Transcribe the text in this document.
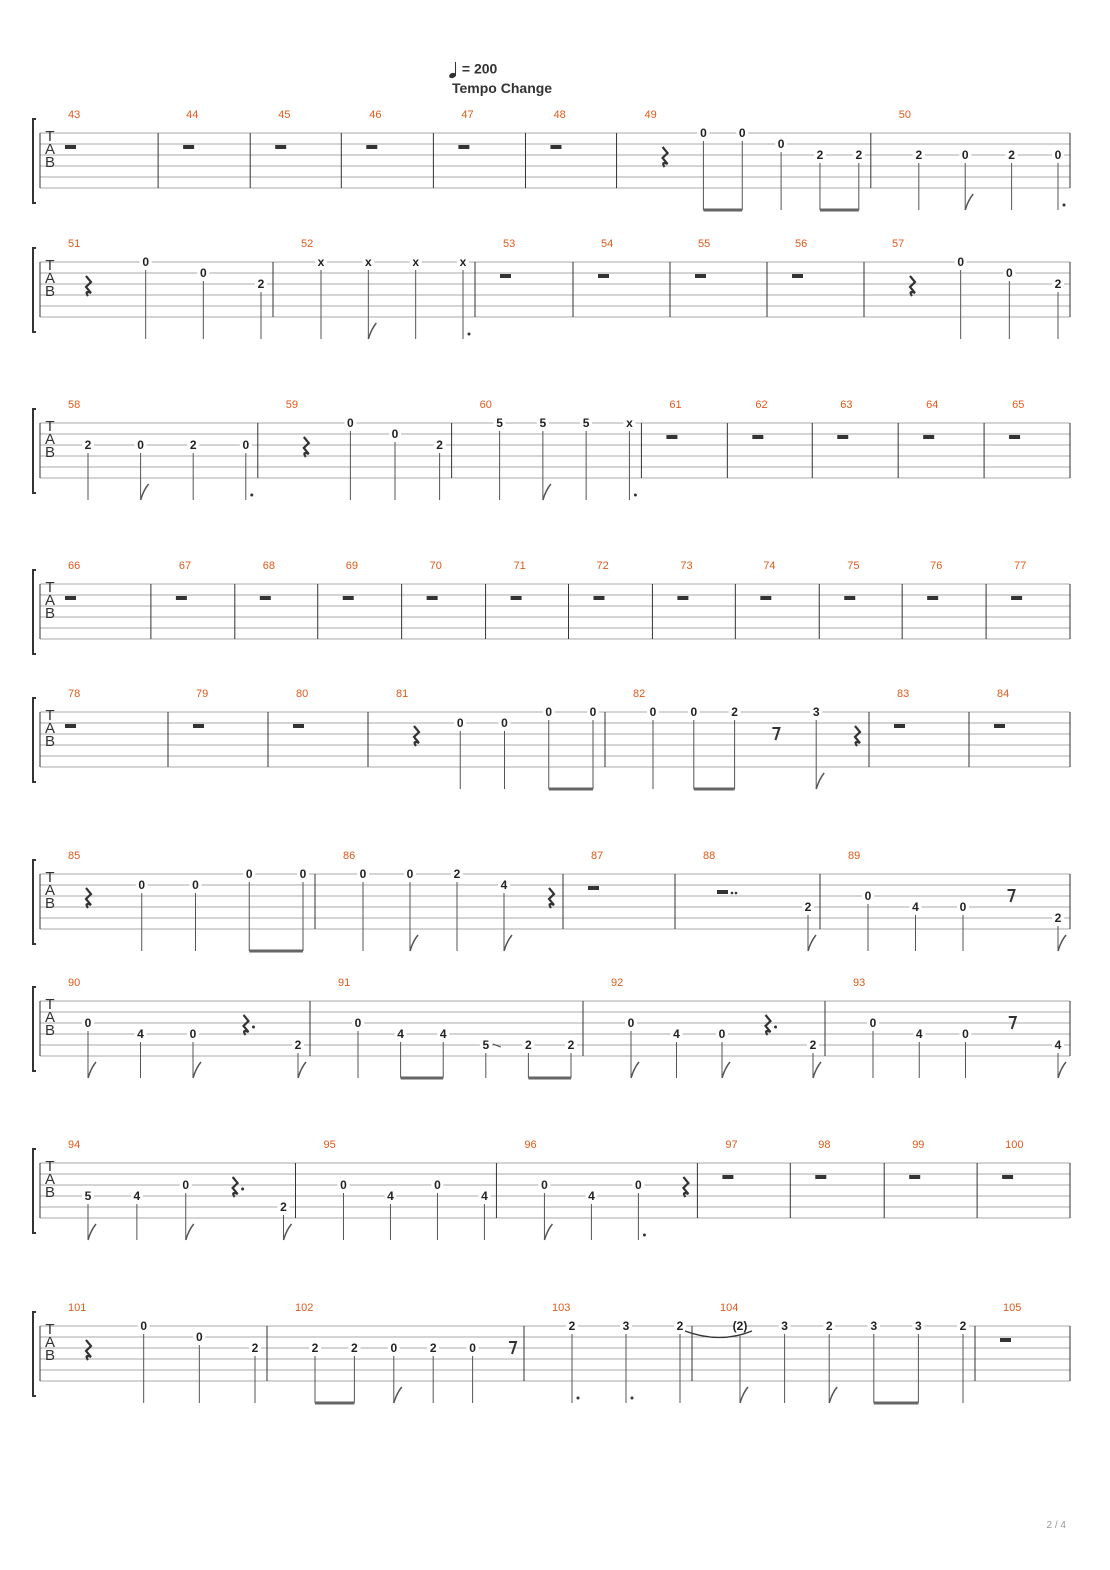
= 200
Tempo Change
T
A
B
43	44	45	46	47	48	49
0	0
0
2	2
50
2	0	2	0
T
A
B
51
0
0
2
52
x	x	x	x
53	54	55	56	57
0
0
2
T
A
B
58
2	0	2	0
59
0
0
2
60
5	5	5	x
61	62	63	64	65
T
A
B
66	67	68	69	70	71	72	73	74	75	76	77
T
A
B
78	79	80	81
0	0
0	0
82
0	0	2	3
83	84
T
A
B
85
0	0
0	0
86
0	0	2
4
87	88
2
89
0
4	0
2
T
A
B
90
0
4	0
2
91
0
4	4
5	2	2
92
0
4	0
2
93
0
4	0
4
T
A
B
94
5	4
0
2
95
0
4
0
4
96
0
4
0
97	98	99	100
T
A
B
101
0
0
2
102
2	2	0	2	0
103
2	3	2
104
(2)	3	2	3	3	2
105
2 / 4
